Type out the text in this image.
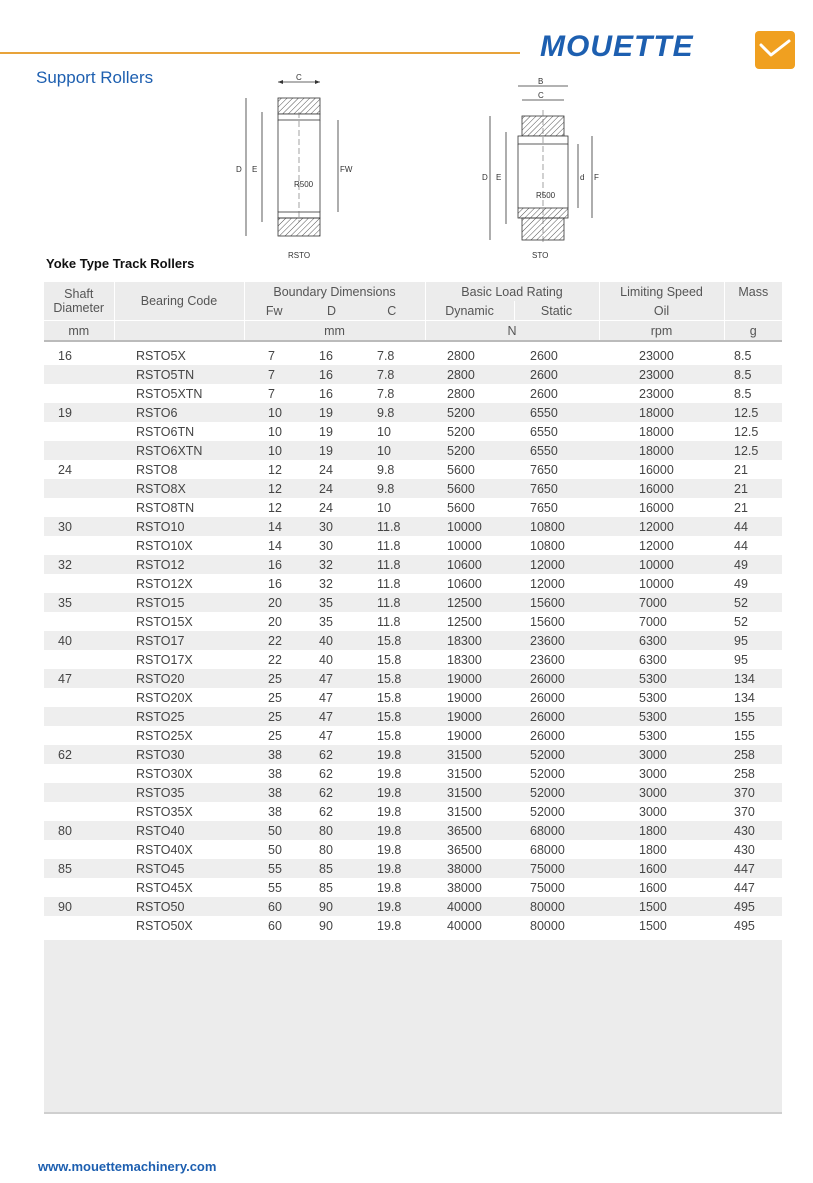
MOUETTE
Support Rollers	C
D E	FW
R500
RSTO
B
C
D E	d F
R500
STO
Yoke Type Track Rollers
Shaft Diameter	Bearing Code	Boundary Dimensions			Basic Load Rating		Limiting Speed	Mass
		Fw	D	C	Dynamic	Static	Oil	
mm		mm			N		rpm	g

16	RSTO5X	7	16	7.8	2800	2600	23000	8.5
	RSTO5TN	7	16	7.8	2800	2600	23000	8.5
	RSTO5XTN	7	16	7.8	2800	2600	23000	8.5
19	RSTO6	10	19	9.8	5200	6550	18000	12.5
	RSTO6TN	10	19	10	5200	6550	18000	12.5
	RSTO6XTN	10	19	10	5200	6550	18000	12.5
24	RSTO8	12	24	9.8	5600	7650	16000	21
	RSTO8X	12	24	9.8	5600	7650	16000	21
	RSTO8TN	12	24	10	5600	7650	16000	21
30	RSTO10	14	30	11.8	10000	10800	12000	44
	RSTO10X	14	30	11.8	10000	10800	12000	44
32	RSTO12	16	32	11.8	10600	12000	10000	49
	RSTO12X	16	32	11.8	10600	12000	10000	49
35	RSTO15	20	35	11.8	12500	15600	7000	52
	RSTO15X	20	35	11.8	12500	15600	7000	52
40	RSTO17	22	40	15.8	18300	23600	6300	95
	RSTO17X	22	40	15.8	18300	23600	6300	95
47	RSTO20	25	47	15.8	19000	26000	5300	134
	RSTO20X	25	47	15.8	19000	26000	5300	134
	RSTO25	25	47	15.8	19000	26000	5300	155
	RSTO25X	25	47	15.8	19000	26000	5300	155
62	RSTO30	38	62	19.8	31500	52000	3000	258
	RSTO30X	38	62	19.8	31500	52000	3000	258
	RSTO35	38	62	19.8	31500	52000	3000	370
	RSTO35X	38	62	19.8	31500	52000	3000	370
80	RSTO40	50	80	19.8	36500	68000	1800	430
	RSTO40X	50	80	19.8	36500	68000	1800	430
85	RSTO45	55	85	19.8	38000	75000	1600	447
	RSTO45X	55	85	19.8	38000	75000	1600	447
90	RSTO50	60	90	19.8	40000	80000	1500	495
	RSTO50X	60	90	19.8	40000	80000	1500	495
www.mouettemachinery.com
